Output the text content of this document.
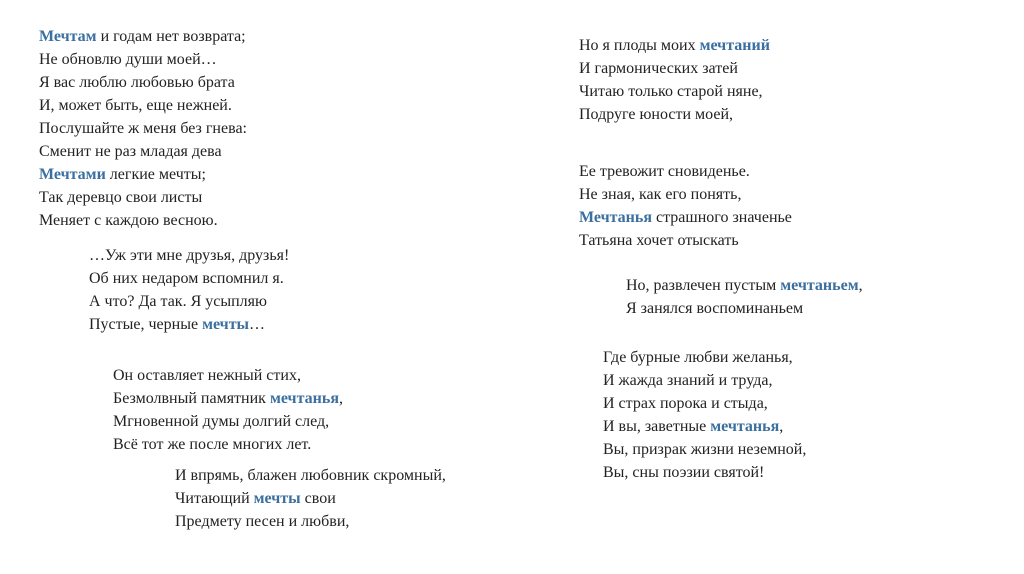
Мечтам и годам нет возврата;
Не обновлю души моей…
Я вас люблю любовью брата
И, может быть, еще нежней.
Послушайте ж меня без гнева:
Сменит не раз младая дева
Мечтами легкие мечты;
Так деревцо свои листы
Меняет с каждою весною.
…Уж эти мне друзья, друзья!
Об них недаром вспомнил я.
А что? Да так. Я усыпляю
Пустые, черные мечты…
Он оставляет нежный стих,
Безмолвный памятник мечтанья,
Мгновенной думы долгий след,
Всё тот же после многих лет.
И впрямь, блажен любовник скромный,
Читающий мечты свои
Предмету песен и любви,
Но я плоды моих мечтаний
И гармонических затей
Читаю только старой няне,
Подруге юности моей,
Ее тревожит сновиденье.
Не зная, как его понять,
Мечтанья страшного значенье
Татьяна хочет отыскать
Но, развлечен пустым мечтаньем,
Я занялся воспоминаньем
Где бурные любви желанья,
И жажда знаний и труда,
И страх порока и стыда,
И вы, заветные мечтанья,
Вы, призрак жизни неземной,
Вы, сны поэзии святой!
